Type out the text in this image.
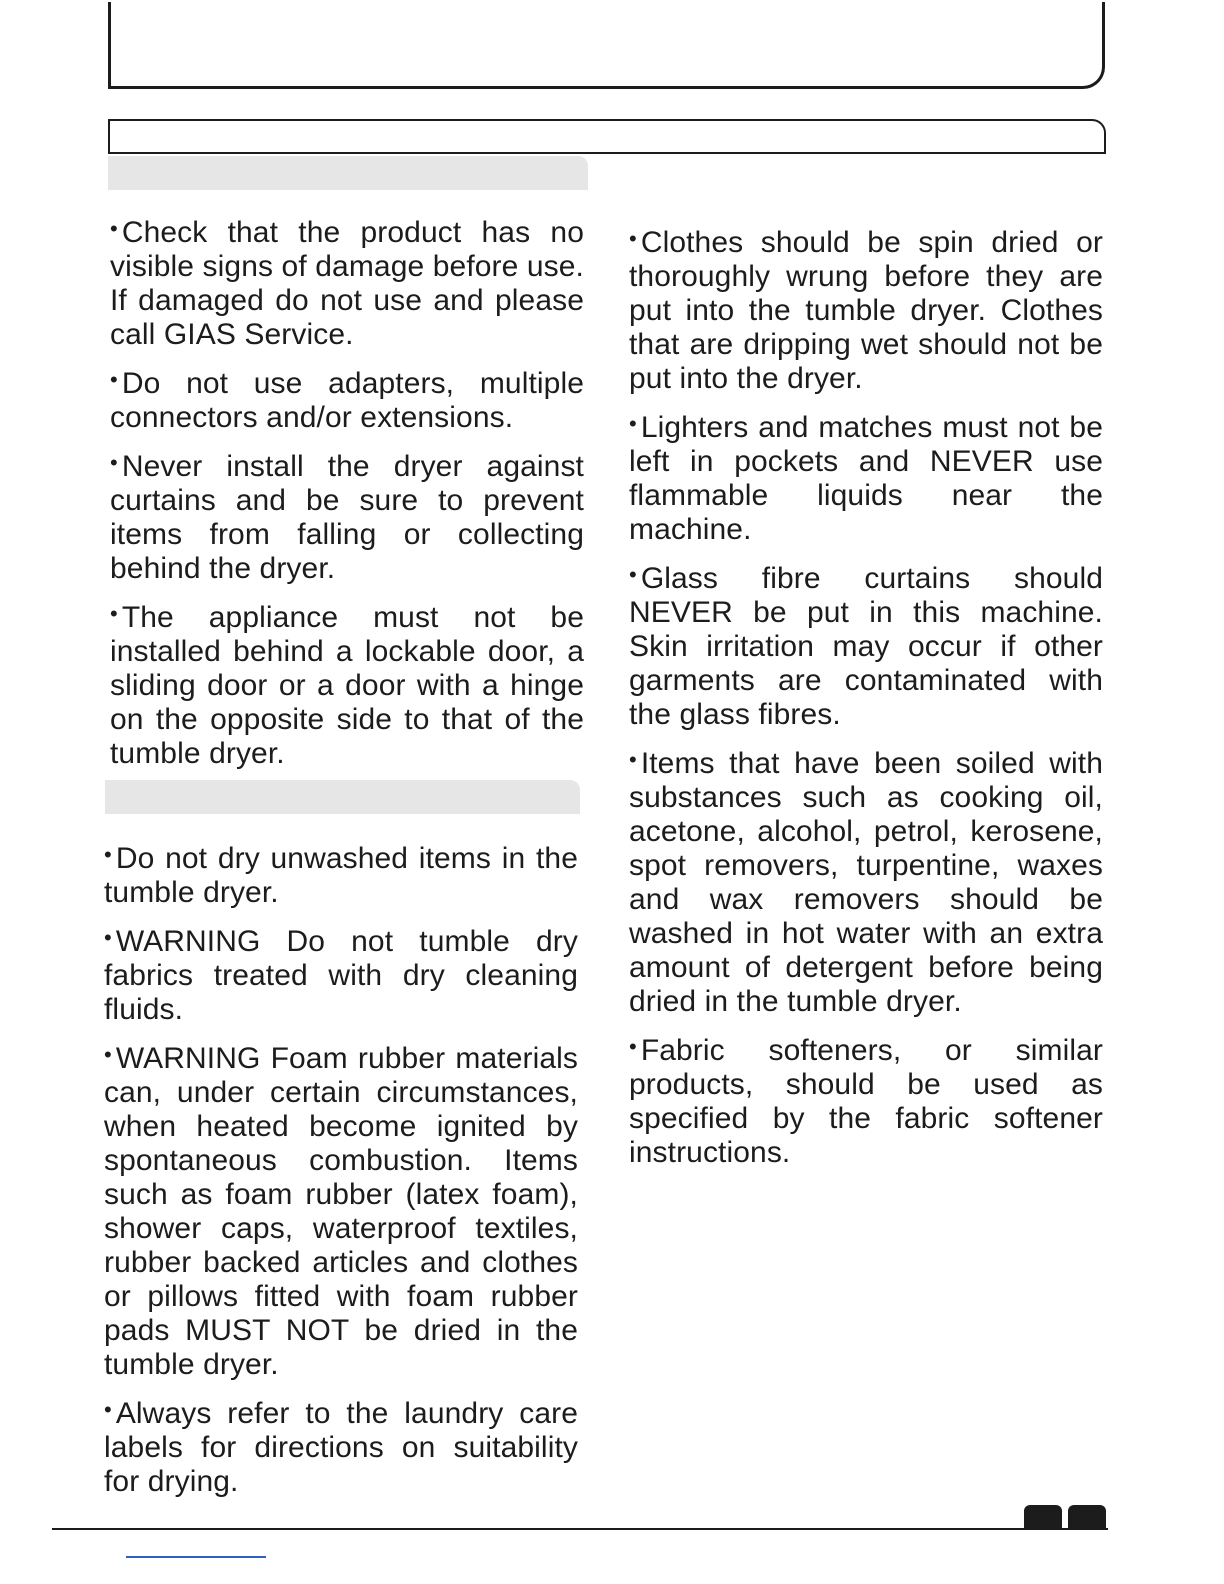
• Check that the product has no visible signs of damage before use. If damaged do not use and please call GIAS Service.

• Do not use adapters, multiple connectors and/or extensions.

• Never install the dryer against curtains and be sure to prevent items from falling or collecting behind the dryer.

• The appliance must not be installed behind a lockable door, a sliding door or a door with a hinge on the opposite side to that of the tumble dryer.

• Do not dry unwashed items in the tumble dryer.

• WARNING Do not tumble dry fabrics treated with dry cleaning fluids.

• WARNING Foam rubber materials can, under certain circumstances, when heated become ignited by spontaneous combustion. Items such as foam rubber (latex foam), shower caps, waterproof textiles, rubber backed articles and clothes or pillows fitted with foam rubber pads MUST NOT be dried in the tumble dryer.

• Always refer to the laundry care labels for directions on suitability for drying.

• Clothes should be spin dried or thoroughly wrung before they are put into the tumble dryer. Clothes that are dripping wet should not be put into the dryer.

• Lighters and matches must not be left in pockets and NEVER use flammable liquids near the machine.

• Glass fibre curtains should NEVER be put in this machine. Skin irritation may occur if other garments are contaminated with the glass fibres.

• Items that have been soiled with substances such as cooking oil, acetone, alcohol, petrol, kerosene, spot removers, turpentine, waxes and wax removers should be washed in hot water with an extra amount of detergent before being dried in the tumble dryer.

• Fabric softeners, or similar products, should be used as specified by the fabric softener instructions.
